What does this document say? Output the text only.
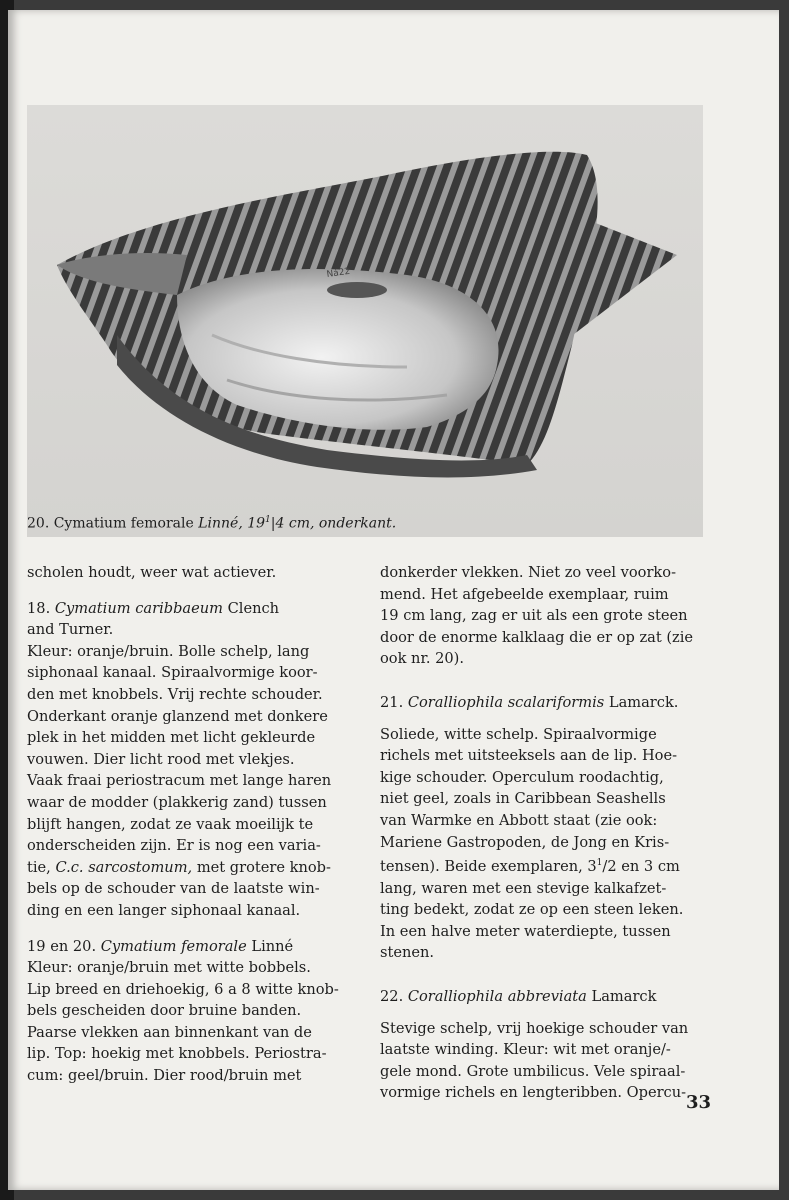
Ná22
20. Cymatium femorale Linné, $19^1|4$ cm, onderkant.

scholen houdt, weer wat actiever.

18. Cymatium caribbaeum Clench

and Turner.

Kleur: oranje/bruin. Bolle schelp, lang
siphonaal kanaal. Spiraalvormige koor-
den met knobbels. Vrij rechte schouder.
Onderkant oranje glanzend met donkere
plek in het midden met licht gekleurde
vouwen. Dier licht rood met vlekjes.
Vaak fraai periostracum met lange haren
waar de modder (plakkerig zand) tussen
blijft hangen, zodat ze vaak moeilijk te
onderscheiden zijn. Er is nog een varia-
tie, C.c. sarcostomum, met grotere knob-
bels op de schouder van de laatste win-
ding en een langer siphonaal kanaal.

19 en 20. Cymatium femorale Linné

Kleur: oranje/bruin met witte bobbels.
Lip breed en driehoekig, 6 a 8 witte knob-
bels gescheiden door bruine banden.
Paarse vlekken aan binnenkant van de
lip. Top: hoekig met knobbels. Periostra-
cum: geel/bruin. Dier rood/bruin met
donkerder vlekken. Niet zo veel voorko-
mend. Het afgebeelde exemplaar, ruim
19 cm lang, zag er uit als een grote steen
door de enorme kalklaag die er op zat (zie
ook nr. 20).

21. Coralliophila scalariformis Lamarck.

Soliede, witte schelp. Spiraalvormige
richels met uitsteeksels aan de lip. Hoe-
kige schouder. Operculum roodachtig,
niet geel, zoals in Caribbean Seashells
van Warmke en Abbott staat (zie ook:
Mariene Gastropoden, de Jong en Kris-
tensen). Beide exemplaren, $3^1/2$ en 3 cm
lang, waren met een stevige kalkafzet-
ting bedekt, zodat ze op een steen leken.
In een halve meter waterdiepte, tussen
stenen.

22. Coralliophila abbreviata Lamarck

Stevige schelp, vrij hoekige schouder van
laatste winding. Kleur: wit met oranje/-
gele mond. Grote umbilicus. Vele spiraal-
vormige richels en lengteribben. Opercu- 33
